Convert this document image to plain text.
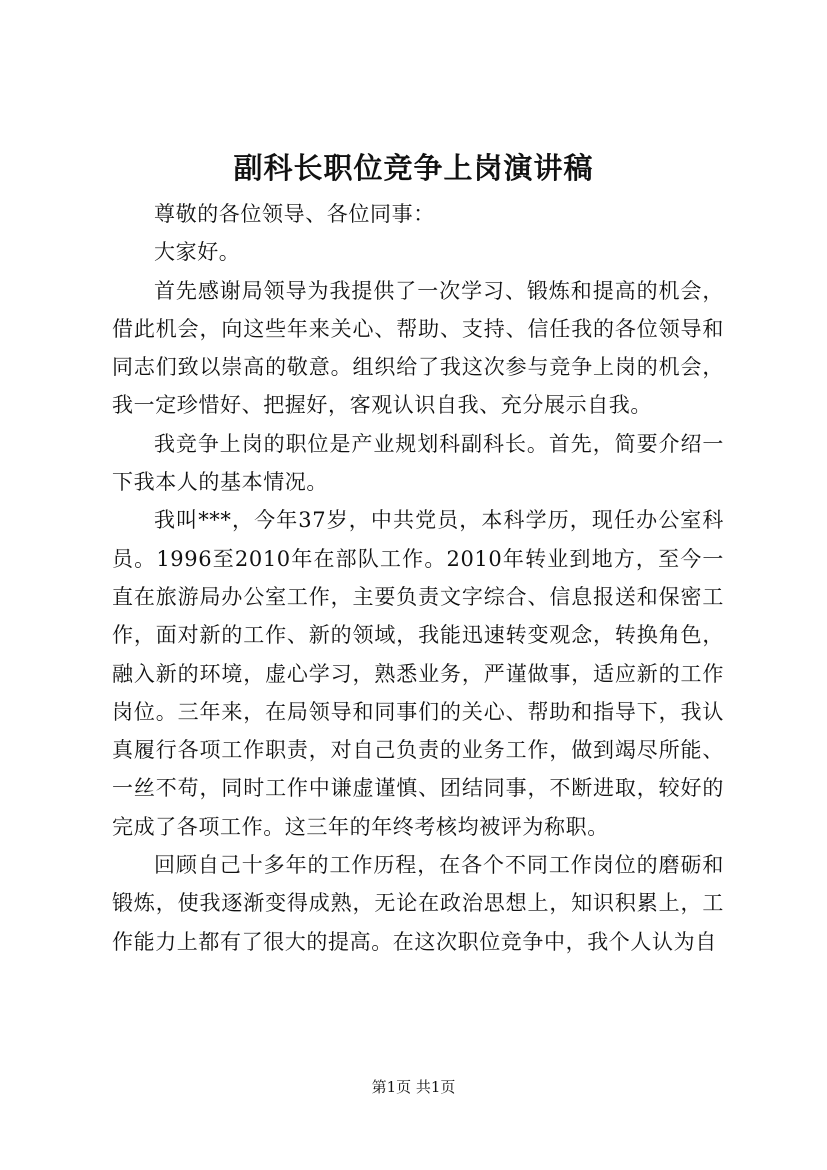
副科长职位竞争上岗演讲稿

尊敬的各位领导、各位同事：

大家好。

首先感谢局领导为我提供了一次学习、锻炼和提高的机会，借此机会，向这些年来关心、帮助、支持、信任我的各位领导和同志们致以崇高的敬意。组织给了我这次参与竞争上岗的机会，我一定珍惜好、把握好，客观认识自我、充分展示自我。

我竞争上岗的职位是产业规划科副科长。首先，简要介绍一下我本人的基本情况。

我叫***，今年37岁，中共党员，本科学历，现任办公室科员。1996至2010年在部队工作。2010年转业到地方，至今一直在旅游局办公室工作，主要负责文字综合、信息报送和保密工作，面对新的工作、新的领域，我能迅速转变观念，转换角色，融入新的环境，虚心学习，熟悉业务，严谨做事，适应新的工作岗位。三年来，在局领导和同事们的关心、帮助和指导下，我认真履行各项工作职责，对自己负责的业务工作，做到竭尽所能、一丝不苟，同时工作中谦虚谨慎、团结同事，不断进取，较好的完成了各项工作。这三年的年终考核均被评为称职。

回顾自己十多年的工作历程，在各个不同工作岗位的磨砺和锻炼，使我逐渐变得成熟，无论在政治思想上，知识积累上，工作能力上都有了很大的提高。在这次职位竞争中，我个人认为自

第1页 共1页
